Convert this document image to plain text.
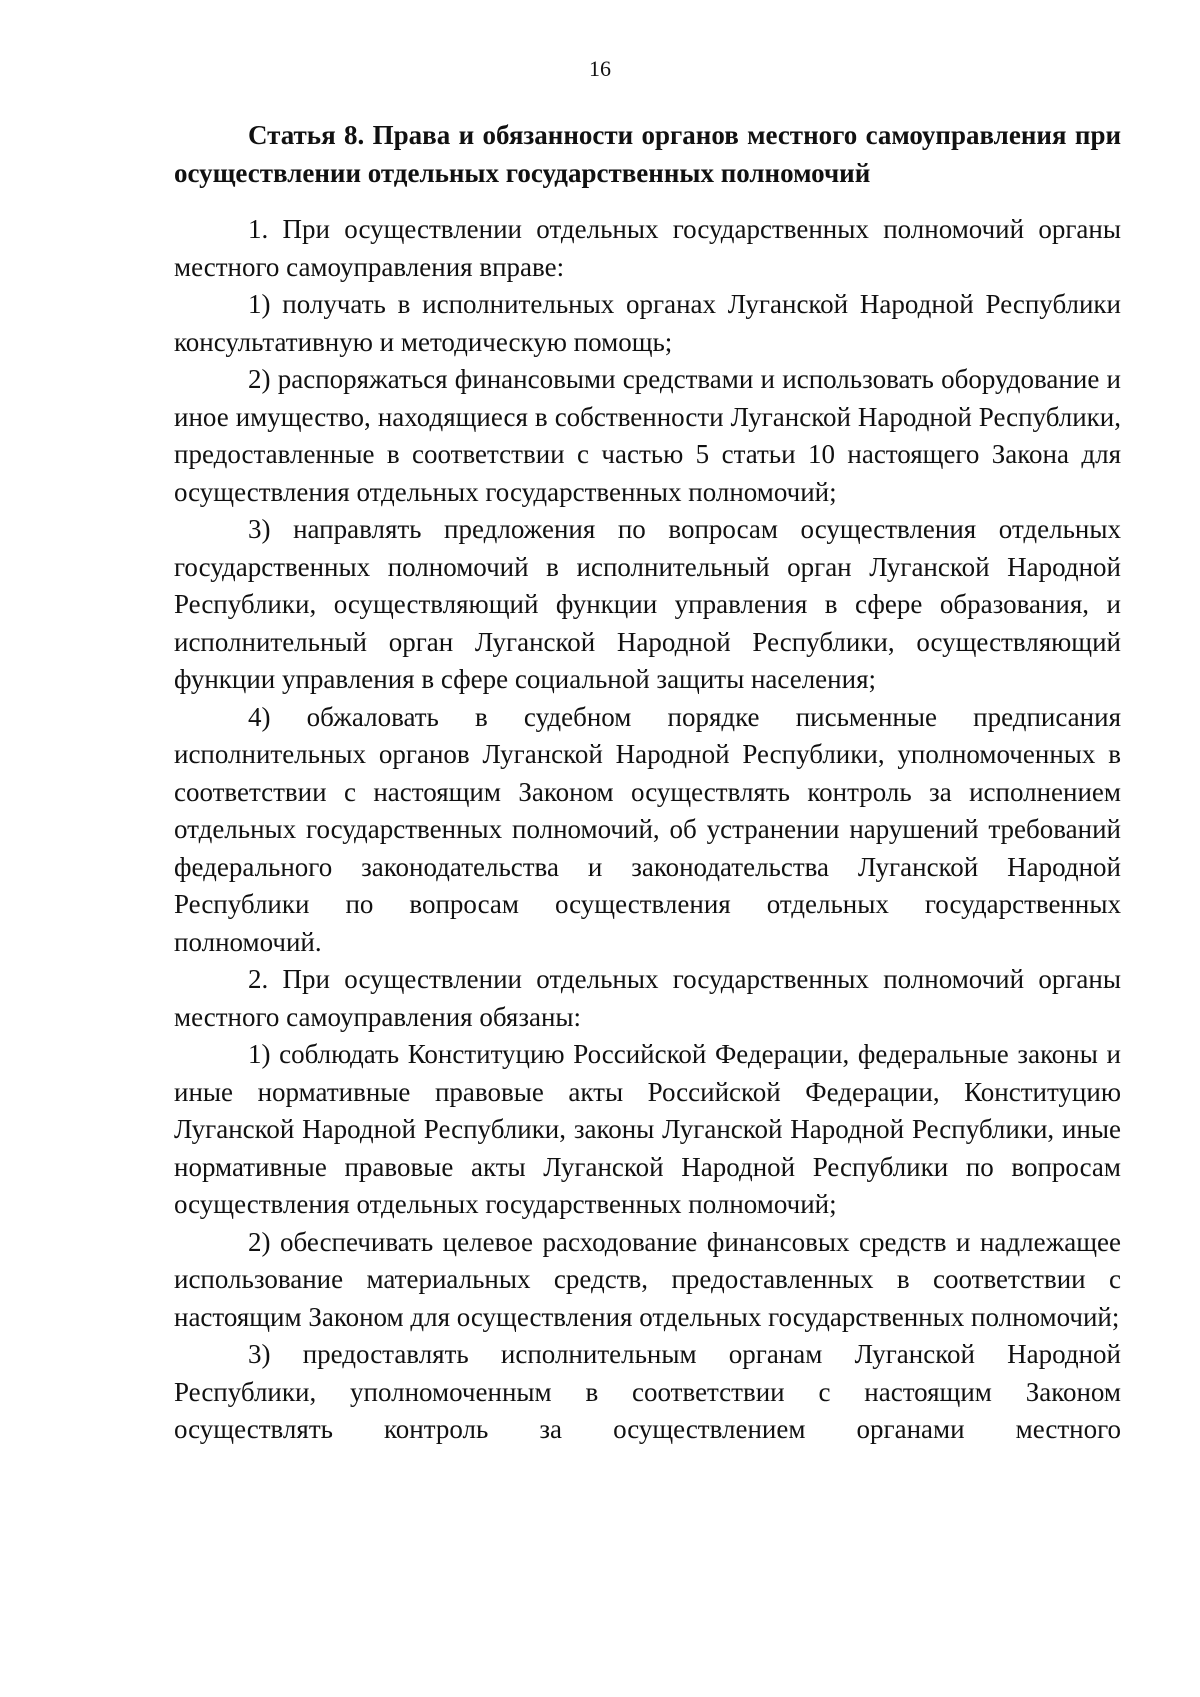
16
Статья 8. Права и обязанности органов местного самоуправления при осуществлении отдельных государственных полномочий

1. При осуществлении отдельных государственных полномочий органы местного самоуправления вправе:

1) получать в исполнительных органах Луганской Народной Республики консультативную и методическую помощь;

2) распоряжаться финансовыми средствами и использовать оборудование и иное имущество, находящиеся в собственности Луганской Народной Республики, предоставленные в соответствии с частью 5 статьи 10 настоящего Закона для осуществления отдельных государственных полномочий;

3) направлять предложения по вопросам осуществления отдельных государственных полномочий в исполнительный орган Луганской Народной Республики, осуществляющий функции управления в сфере образования, и исполнительный орган Луганской Народной Республики, осуществляющий функции управления в сфере социальной защиты населения;

4) обжаловать в судебном порядке письменные предписания исполнительных органов Луганской Народной Республики, уполномоченных в соответствии с настоящим Законом осуществлять контроль за исполнением отдельных государственных полномочий, об устранении нарушений требований федерального законодательства и законодательства Луганской Народной Республики по вопросам осуществления отдельных государственных полномочий.

2. При осуществлении отдельных государственных полномочий органы местного самоуправления обязаны:

1) соблюдать Конституцию Российской Федерации, федеральные законы и иные нормативные правовые акты Российской Федерации, Конституцию Луганской Народной Республики, законы Луганской Народной Республики, иные нормативные правовые акты Луганской Народной Республики по вопросам осуществления отдельных государственных полномочий;

2) обеспечивать целевое расходование финансовых средств и надлежащее использование материальных средств, предоставленных в соответствии с настоящим Законом для осуществления отдельных государственных полномочий;

3) предоставлять исполнительным органам Луганской Народной Республики, уполномоченным в соответствии с настоящим Законом осуществлять контроль за осуществлением органами местного
